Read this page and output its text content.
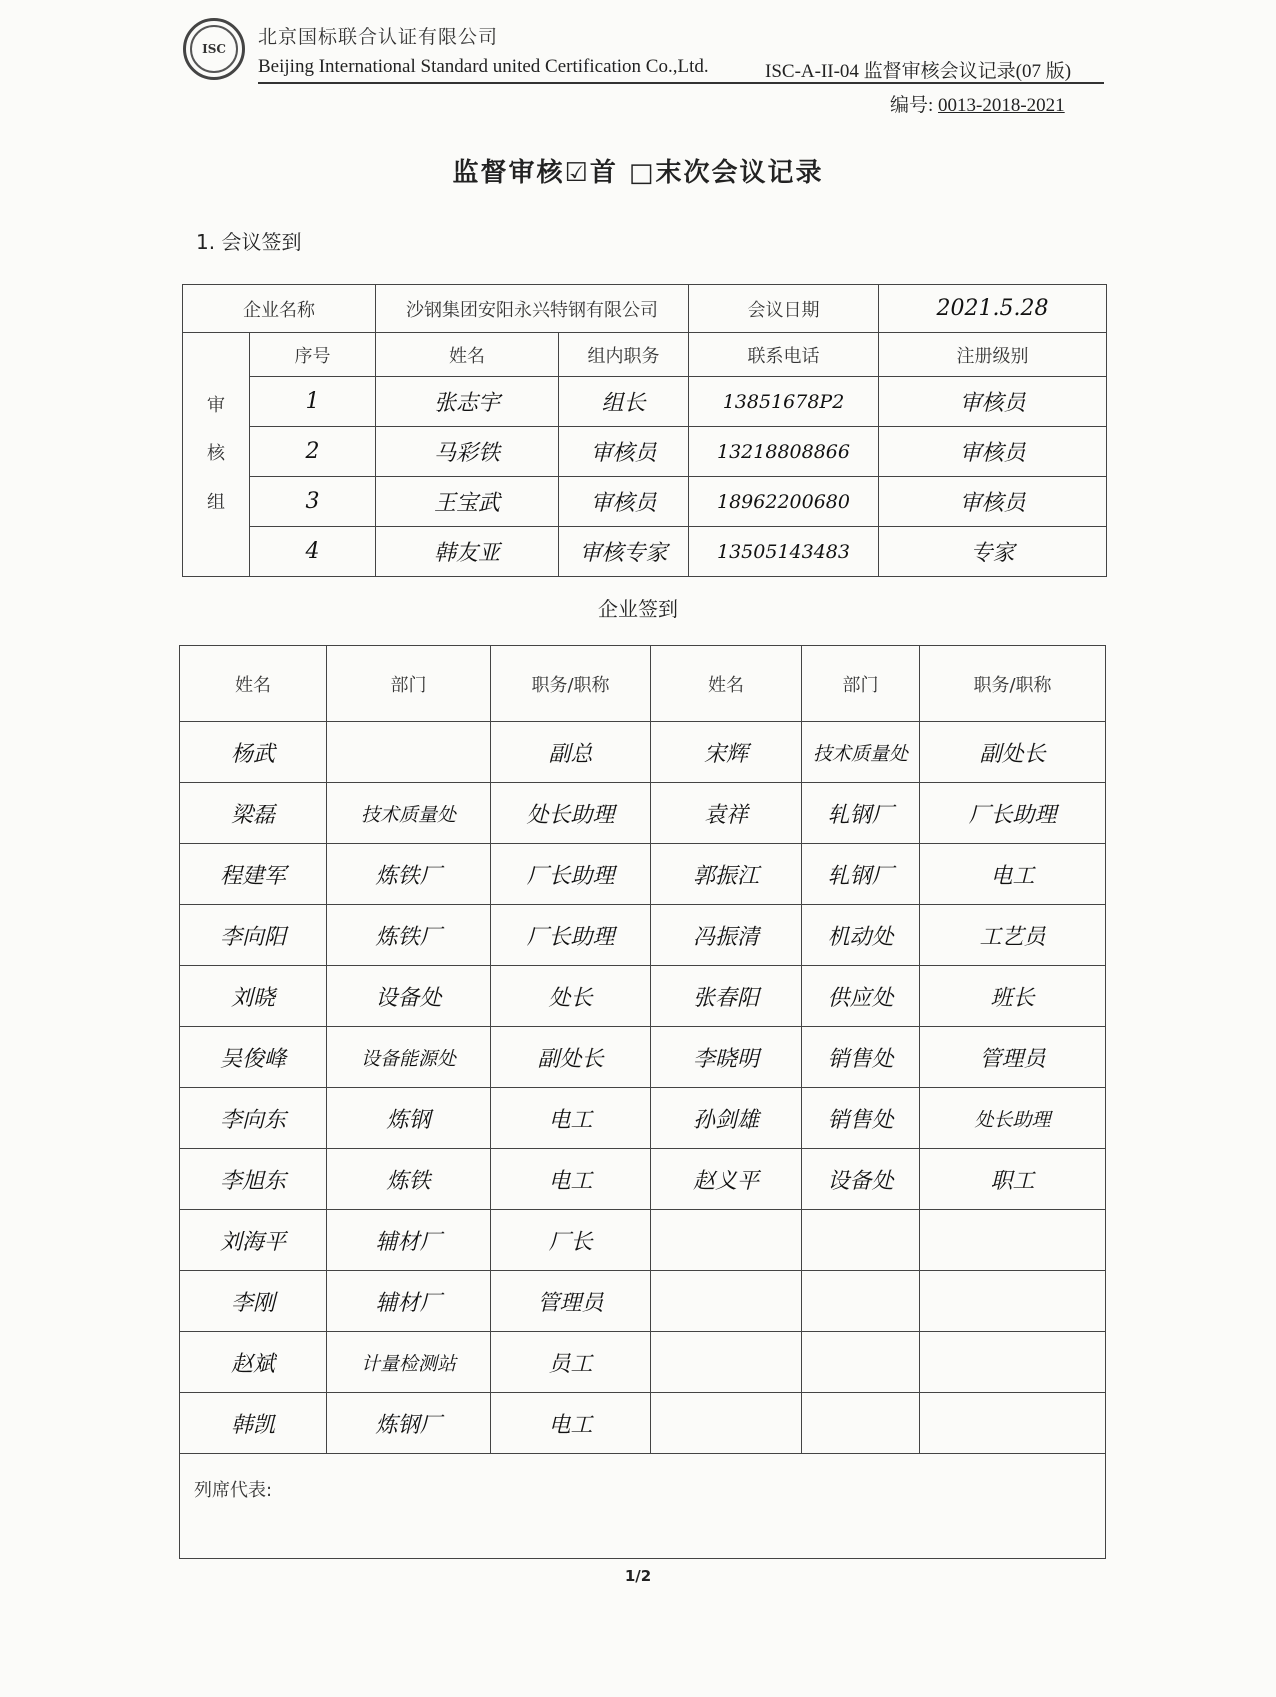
ISC
北京国标联合认证有限公司
Beijing International Standard united Certification Co.,Ltd.	ISC-A-II-04 监督审核会议记录(07 版)
编号: 0013-2018-2021
监督审核☑首 □末次会议记录
1. 会议签到
企业名称		沙钢集团安阳永兴特钢有限公司		会议日期	2021.5.28
审
核
组	序号	姓名	组内职务	联系电话	注册级别
	1	张志宇	组长	13851678P2	审核员
	2	马彩铁	审核员	13218808866	审核员
	3	王宝武	审核员	18962200680	审核员
	4	韩友亚	审核专家	13505143483	专家
企业签到
姓名	部门	职务/职称	姓名	部门	职务/职称
杨武		副总	宋辉	技术质量处	副处长
梁磊	技术质量处	处长助理	袁祥	轧钢厂	厂长助理
程建军	炼铁厂	厂长助理	郭振江	轧钢厂	电工
李向阳	炼铁厂	厂长助理	冯振清	机动处	工艺员
刘晓	设备处	处长	张春阳	供应处	班长
吴俊峰	设备能源处	副处长	李晓明	销售处	管理员
李向东	炼钢	电工	孙剑雄	销售处	处长助理
李旭东	炼铁	电工	赵义平	设备处	职工
刘海平	辅材厂	厂长			
李刚	辅材厂	管理员			
赵斌	计量检测站	员工			
韩凯	炼钢厂	电工			
列席代表:					
1/2
